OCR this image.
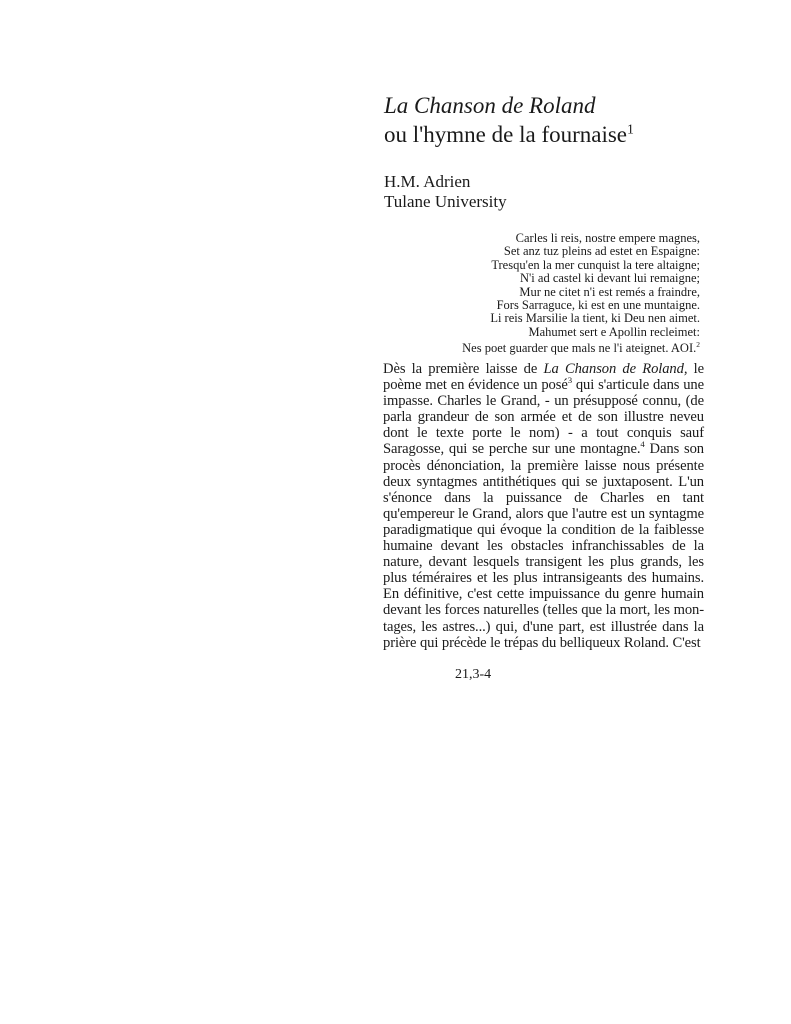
La Chanson de Roland
ou l'hymne de la fournaise$^1$
H.M. Adrien
Tulane University
Carles li reis, nostre empere magnes,
Set anz tuz pleins ad estet en Espaigne:
Tresqu'en la mer cunquist la tere altaigne;
N'i ad castel ki devant lui remaigne;
Mur ne citet n'i est remés a fraindre,
Fors Sarraguce, ki est en une muntaigne.
Li reis Marsilie la tient, ki Deu nen aimet.
Mahumet sert e Apollin recleimet:
Nes poet guarder que mals ne l'i ateignet. AOI.$^2$

Dès la première laisse de La Chanson de Roland, le poème met en évidence un posé$^3$ qui s'articule dans une impasse. Charles le Grand, - un présupposé connu, (de parla grandeur de son armée et de son illustre neveu dont le texte porte le nom) - a tout conquis sauf Saragosse, qui se perche sur une montagne.$^4$ Dans son procès dénonciation, la première laisse nous présente deux syntagmes antithétiques qui se juxtaposent. L'un s'énonce dans la puissance de Charles en tant qu'empereur le Grand, alors que l'autre est un syntagme paradigmatique qui évoque la condition de la faiblesse humaine devant les obstacles infranchissables de la nature, devant lesquels transigent les plus grands, les plus téméraires et les plus intransigeants des humains. En définitive, c'est cette impuissance du genre humain devant les forces naturelles (telles que la mort, les mon- tages, les astres...) qui, d'une part, est illustrée dans la prière qui précède le trépas du belliqueux Roland. C'est

21,3-4
